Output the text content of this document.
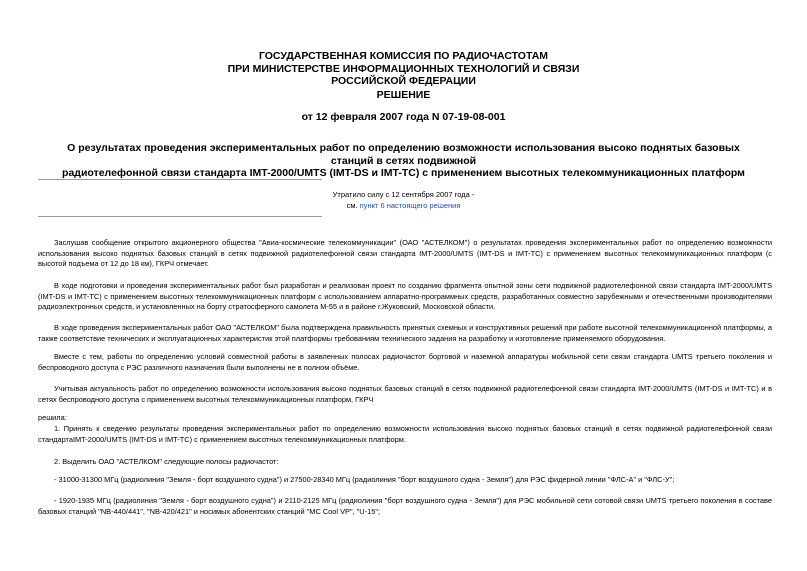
ГОСУДАРСТВЕННАЯ КОМИССИЯ ПО РАДИОЧАСТОТАМ
ПРИ МИНИСТЕРСТВЕ ИНФОРМАЦИОННЫХ ТЕХНОЛОГИЙ И СВЯЗИ
РОССИЙСКОЙ ФЕДЕРАЦИИ
РЕШЕНИЕ
от 12 февраля 2007 года N 07-19-08-001
О результатах проведения экспериментальных работ по определению возможности использования высоко поднятых базовых станций в сетях подвижной
радиотелефонной связи стандарта IMT-2000/UMTS (IMT-DS и IMT-TC) с применением высотных телекоммуникационных платформ
Утратило силу с 12 сентября 2007 года -
см. пункт 6 настоящего решения
Заслушав сообщение открытого акционерного общества "Авиа-космические телекоммуникации" (ОАО "АСТЕЛКОМ") о результатах проведения экспериментальных работ по определению возможности использования высоко поднятых базовых станций в сетях подвижной радиотелефонной связи стандарта IMT-2000/UMTS (IMT-DS и IMT-TC) с применением высотных телекоммуникационных платформ (с высотой подъема от 12 до 18 км), ГКРЧ отмечает.
В ходе подготовки и проведения экспериментальных работ был разработан и реализован проект по созданию фрагмента опытной зоны сети подвижной радиотелефонной связи стандарта IMT-2000/UMTS (IMT-DS и IMT-TC) с применением высотных телекоммуникационных платформ с использованием аппаратно-программных средств, разработанных совместно зарубежными и отечественными производителями радиоэлектронных средств, и установленных на борту стратосферного самолета М-55 и в районе г.Жуковский, Московской области.
В ходе проведения экспериментальных работ ОАО "АСТЕЛКОМ" была подтверждена правильность принятых схемных и конструктивных решений при работе высотной телекоммуникационной платформы, а также соответствие технических и эксплуатационных характеристик этой платформы требованиям технического задания на разработку и изготовление применяемого оборудования.
Вместе с тем, работы по определению условий совместной работы в заявленных полосах радиочастот бортовой и наземной аппаратуры мобильной сети связи стандарта UMTS третьего поколения и беспроводного доступа с РЭС различного назначения были выполнены не в полном объёме.
Учитывая актуальность работ по определению возможности использования высоко поднятых базовых станций в сетях подвижной радиотелефонной связи стандарта IMT-2000/UMTS (IMT-DS и IMT-TC) и в сетях беспроводного доступа с применением высотных телекоммуникационных платформ, ГКРЧ
решила:
1. Принять к сведению результаты проведения экспериментальных работ по определению возможности использования высоко поднятых базовых станций в сетях подвижной радиотелефонной связи стандартаIMT-2000/UMTS (IMT-DS и IMT-TC) с применением высотных телекоммуникационных платформ.
2. Выделить ОАО "АСТЕЛКОМ" следующие полосы радиочастот:
- 31000-31300 МГц (радиолиния "Земля - борт воздушного судна") и 27500-28340 МГц (радиолиния "борт воздушного судна - Земля") для РЭС фидерной линии "ФЛС-А" и "ФЛС-У";
- 1920-1935 МГц (радиолиния "Земля - борт воздушного судна") и 2110-2125 МГц (радиолиния "борт воздушного судна - Земля") для РЭС мобильной сети сотовой связи UMTS третьего поколения в составе базовых станций "NB-440/441", "NB-420/421" и носимых абонентских станций "MC Cool VP", "U-15";
